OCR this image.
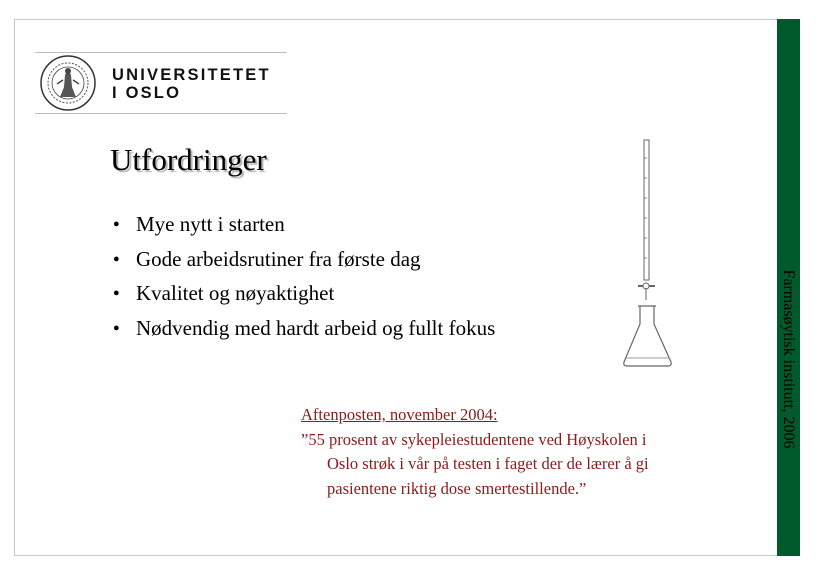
UNIVERSITETET
I OSLO
Utfordringer
● Mye nytt i starten
● Gode arbeidsrutiner fra første dag
● Kvalitet og nøyaktighet
● Nødvendig med hardt arbeid og fullt fokus
Aftenposten, november 2004:
”55 prosent av sykepleiestudentene ved Høyskolen i Oslo strøk i vår på testen i faget der de lærer å gi pasientene riktig dose smertestillende.”
Farmasøytisk institutt, 2006
